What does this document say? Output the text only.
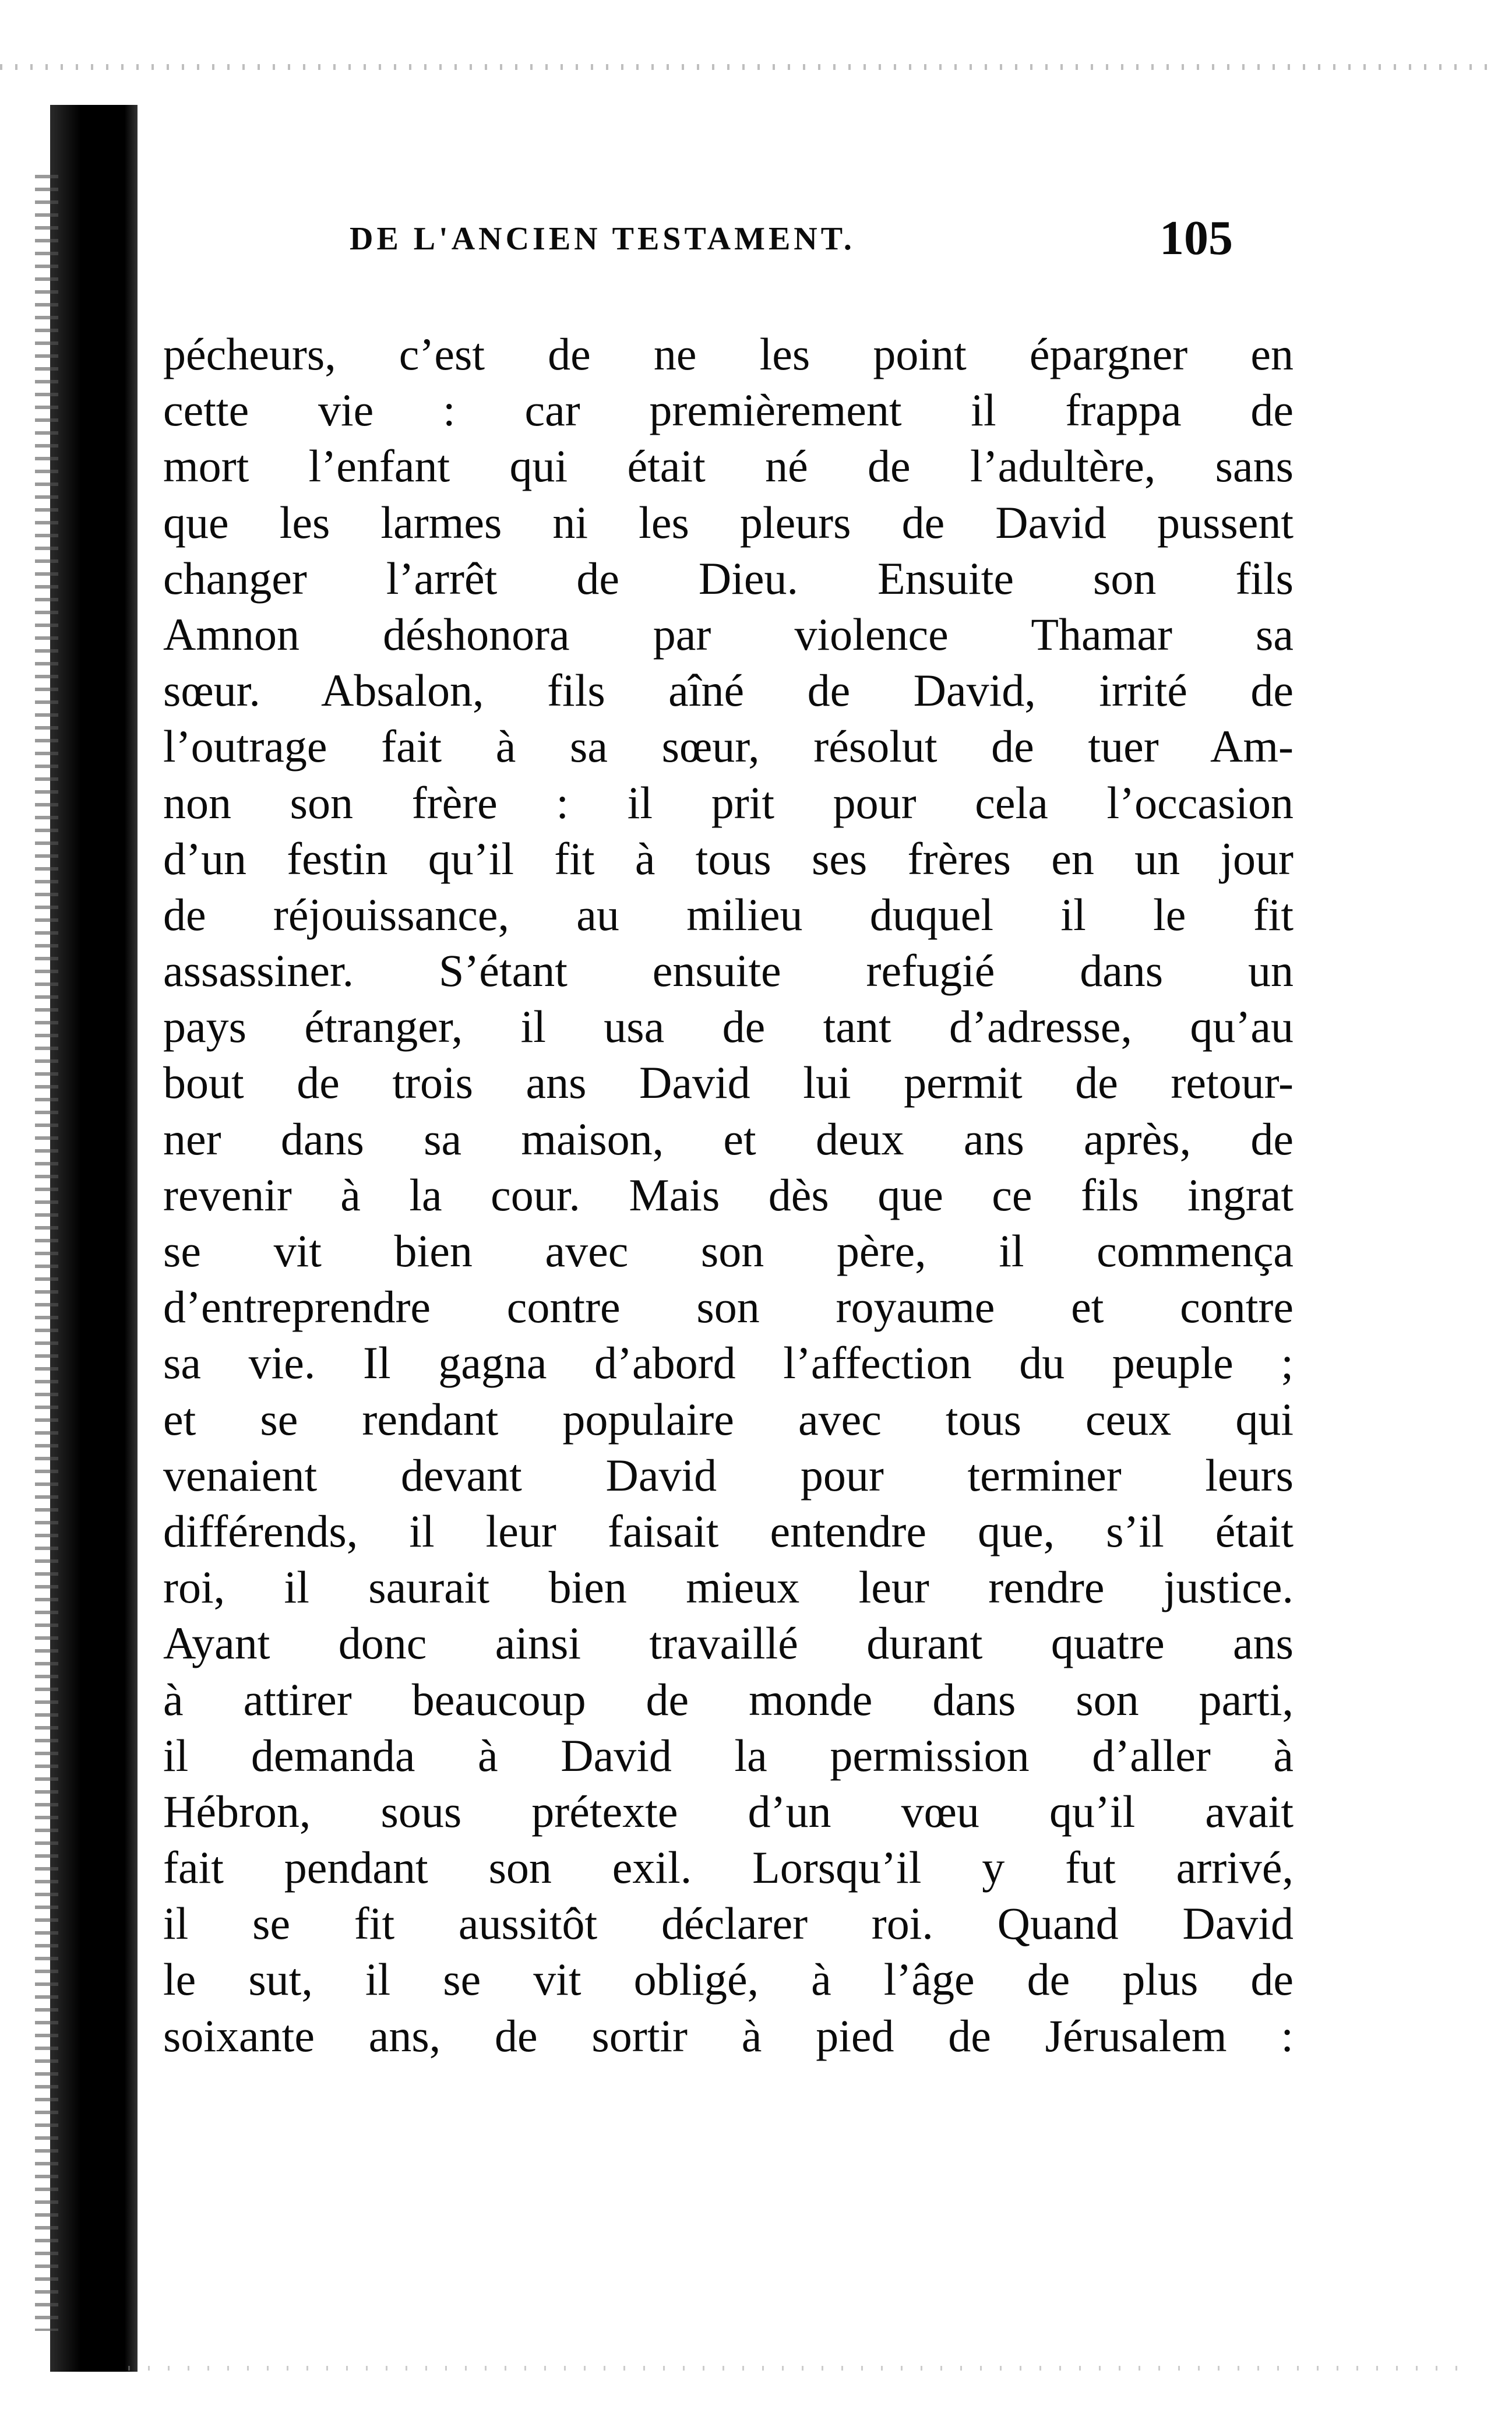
DE L'ANCIEN TESTAMENT.	105
pécheurs, c’est de ne les point épargner en
cette vie : car premièrement il frappa de
mort l’enfant qui était né de l’adultère, sans
que les larmes ni les pleurs de David pussent
changer l’arrêt de Dieu. Ensuite son fils
Amnon déshonora par violence Thamar sa
sœur. Absalon, fils aîné de David, irrité de
l’outrage fait à sa sœur, résolut de tuer Am-
non son frère : il prit pour cela l’occasion
d’un festin qu’il fit à tous ses frères en un jour
de réjouissance, au milieu duquel il le fit
assassiner. S’étant ensuite refugié dans un
pays étranger, il usa de tant d’adresse, qu’au
bout de trois ans David lui permit de retour-
ner dans sa maison, et deux ans après, de
revenir à la cour. Mais dès que ce fils ingrat
se vit bien avec son père, il commença
d’entreprendre contre son royaume et contre
sa vie. Il gagna d’abord l’affection du peuple ;
et se rendant populaire avec tous ceux qui
venaient devant David pour terminer leurs
différends, il leur faisait entendre que, s’il était
roi, il saurait bien mieux leur rendre justice.
Ayant donc ainsi travaillé durant quatre ans
à attirer beaucoup de monde dans son parti,
il demanda à David la permission d’aller à
Hébron, sous prétexte d’un vœu qu’il avait
fait pendant son exil. Lorsqu’il y fut arrivé,
il se fit aussitôt déclarer roi. Quand David
le sut, il se vit obligé, à l’âge de plus de
soixante ans, de sortir à pied de Jérusalem :
